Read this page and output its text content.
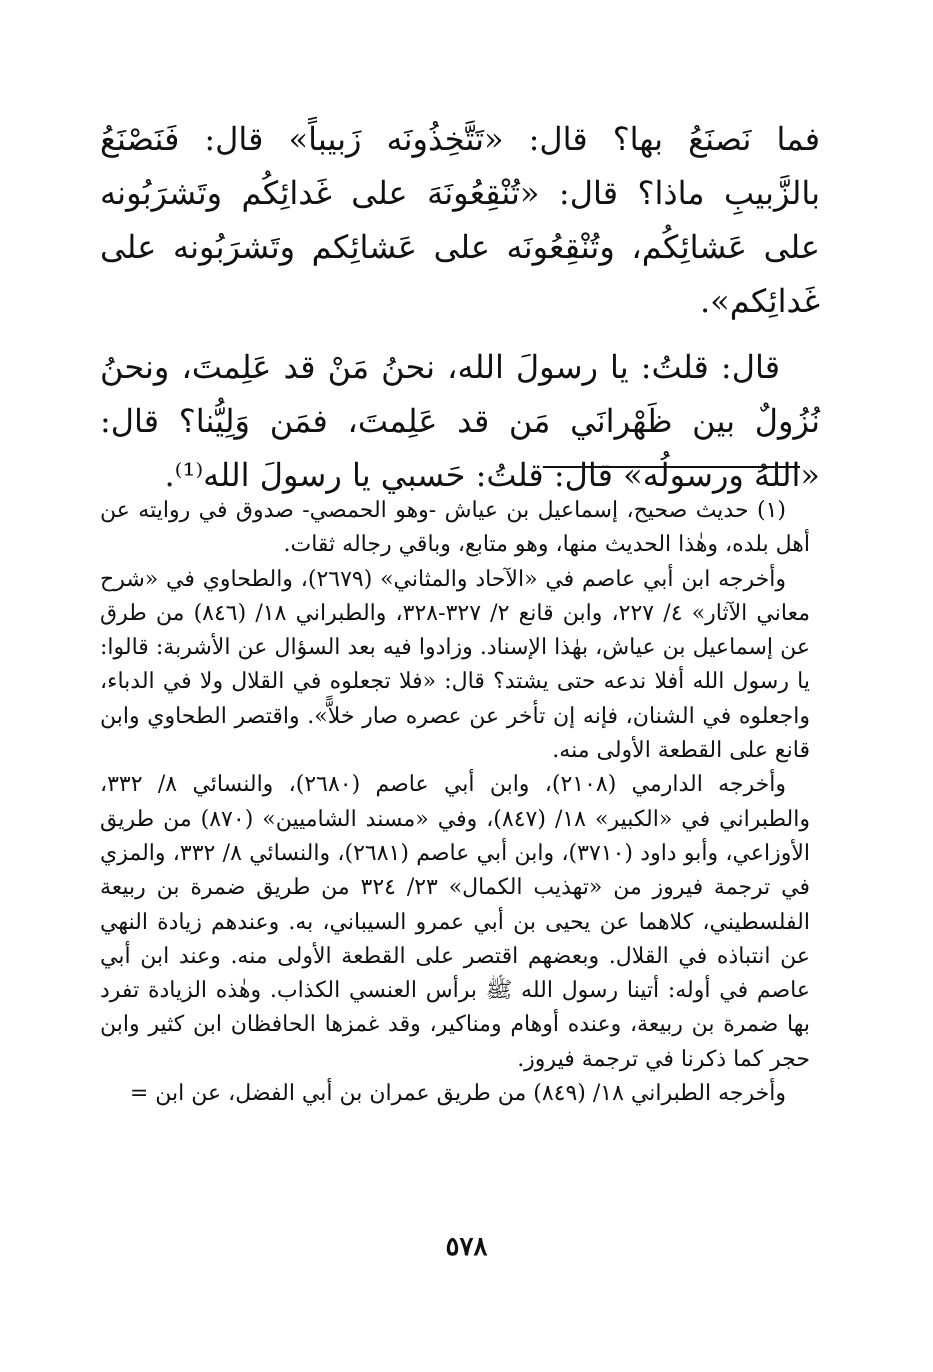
فما نَصنَعُ بها؟ قال: «تَتَّخِذُونَه زَبيباً» قال: فَنَصْنَعُ بالزَّبيبِ ماذا؟ قال: «تُنْقِعُونَهَ على غَدائِكُم وتَشرَبُونه على عَشائِكُم، وتُنْقِعُونَه على عَشائِكم وتَشرَبُونه على غَدائِكم».

قال: قلتُ: يا رسولَ الله، نحنُ مَنْ قد عَلِمتَ، ونحنُ نُزُولٌ بين ظَهْرانَي مَن قد عَلِمتَ، فمَن وَلِيُّنا؟ قال: «اللهُ ورسولُه» قال: قلتُ: حَسبي يا رسولَ الله⁽¹⁾.

(١) حديث صحيح، إسماعيل بن عياش -وهو الحمصي- صدوق في روايته عن أهل بلده، وهٰذا الحديث منها، وهو متابع، وباقي رجاله ثقات.

وأخرجه ابن أبي عاصم في «الآحاد والمثاني» (٢٦٧٩)، والطحاوي في «شرح معاني الآثار» ٤/ ٢٢٧، وابن قانع ٢/ ٣٢٧-٣٢٨، والطبراني ١٨/ (٨٤٦) من طرق عن إسماعيل بن عياش، بهٰذا الإسناد. وزادوا فيه بعد السؤال عن الأشربة: قالوا: يا رسول الله أفلا ندعه حتى يشتد؟ قال: «فلا تجعلوه في القلال ولا في الدباء، واجعلوه في الشنان، فإنه إن تأخر عن عصره صار خلاًّ». واقتصر الطحاوي وابن قانع على القطعة الأولى منه.

وأخرجه الدارمي (٢١٠٨)، وابن أبي عاصم (٢٦٨٠)، والنسائي ٨/ ٣٣٢، والطبراني في «الكبير» ١٨/ (٨٤٧)، وفي «مسند الشاميين» (٨٧٠) من طريق الأوزاعي، وأبو داود (٣٧١٠)، وابن أبي عاصم (٢٦٨١)، والنسائي ٨/ ٣٣٢، والمزي في ترجمة فيروز من «تهذيب الكمال» ٢٣/ ٣٢٤ من طريق ضمرة بن ربيعة الفلسطيني، كلاهما عن يحيى بن أبي عمرو السيباني، به. وعندهم زيادة النهي عن انتباذه في القلال. وبعضهم اقتصر على القطعة الأولى منه. وعند ابن أبي عاصم في أوله: أتينا رسول الله ﷺ برأس العنسي الكذاب. وهٰذه الزيادة تفرد بها ضمرة بن ربيعة، وعنده أوهام ومناكير، وقد غمزها الحافظان ابن كثير وابن حجر كما ذكرنا في ترجمة فيروز.

وأخرجه الطبراني ١٨/ (٨٤٩) من طريق عمران بن أبي الفضل، عن ابن =

٥٧٨
